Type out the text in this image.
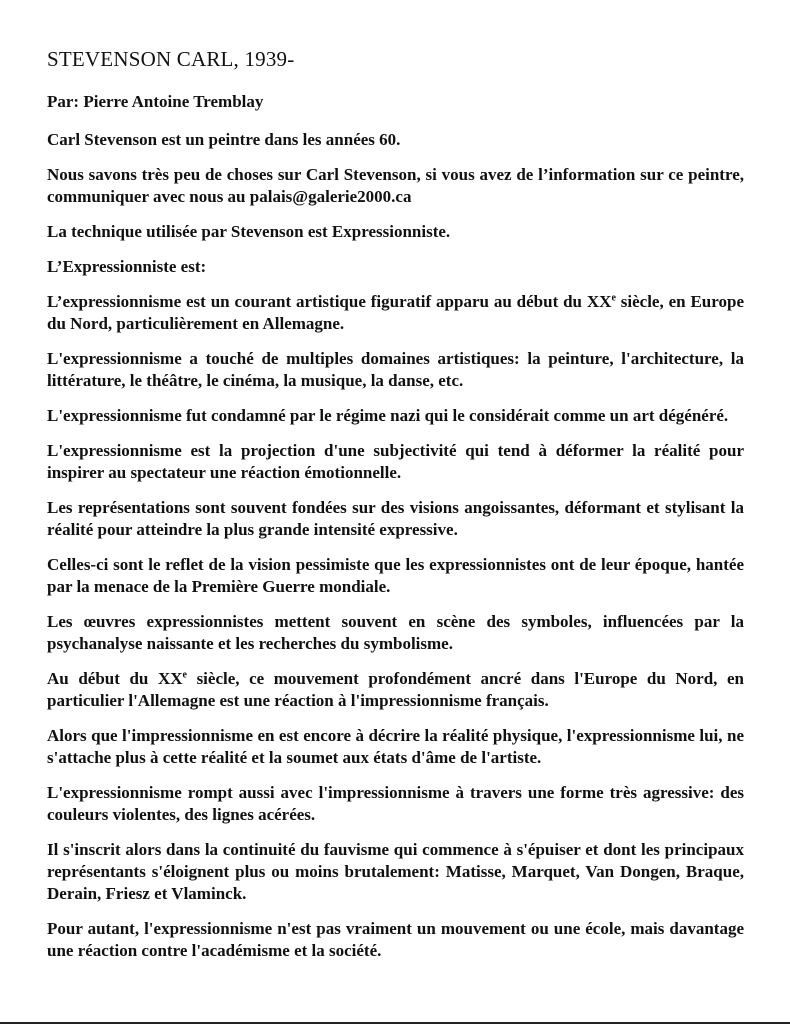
STEVENSON CARL, 1939-
Par: Pierre Antoine Tremblay

Carl Stevenson est un peintre dans les années 60.

Nous savons très peu de choses sur Carl Stevenson, si vous avez de l’information sur ce peintre, communiquer avec nous au palais@galerie2000.ca

La technique utilisée par Stevenson est Expressionniste.

L’Expressionniste est:

L’expressionnisme est un courant artistique figuratif apparu au début du XXe siècle, en Europe du Nord, particulièrement en Allemagne.

L'expressionnisme a touché de multiples domaines artistiques: la peinture, l'architecture, la littérature, le théâtre, le cinéma, la musique, la danse, etc.

L'expressionnisme fut condamné par le régime nazi qui le considérait comme un art dégénéré.

L'expressionnisme est la projection d'une subjectivité qui tend à déformer la réalité pour inspirer au spectateur une réaction émotionnelle.

Les représentations sont souvent fondées sur des visions angoissantes, déformant et stylisant la réalité pour atteindre la plus grande intensité expressive.

Celles-ci sont le reflet de la vision pessimiste que les expressionnistes ont de leur époque, hantée par la menace de la Première Guerre mondiale.

Les œuvres expressionnistes mettent souvent en scène des symboles, influencées par la psychanalyse naissante et les recherches du symbolisme.

Au début du XXe siècle, ce mouvement profondément ancré dans l'Europe du Nord, en particulier l'Allemagne est une réaction à l'impressionnisme français.

Alors que l'impressionnisme en est encore à décrire la réalité physique, l'expressionnisme lui, ne s'attache plus à cette réalité et la soumet aux états d'âme de l'artiste.

L'expressionnisme rompt aussi avec l'impressionnisme à travers une forme très agressive: des couleurs violentes, des lignes acérées.

Il s'inscrit alors dans la continuité du fauvisme qui commence à s'épuiser et dont les principaux représentants s'éloignent plus ou moins brutalement: Matisse, Marquet, Van Dongen, Braque, Derain, Friesz et Vlaminck.

Pour autant, l'expressionnisme n'est pas vraiment un mouvement ou une école, mais davantage une réaction contre l'académisme et la société.
